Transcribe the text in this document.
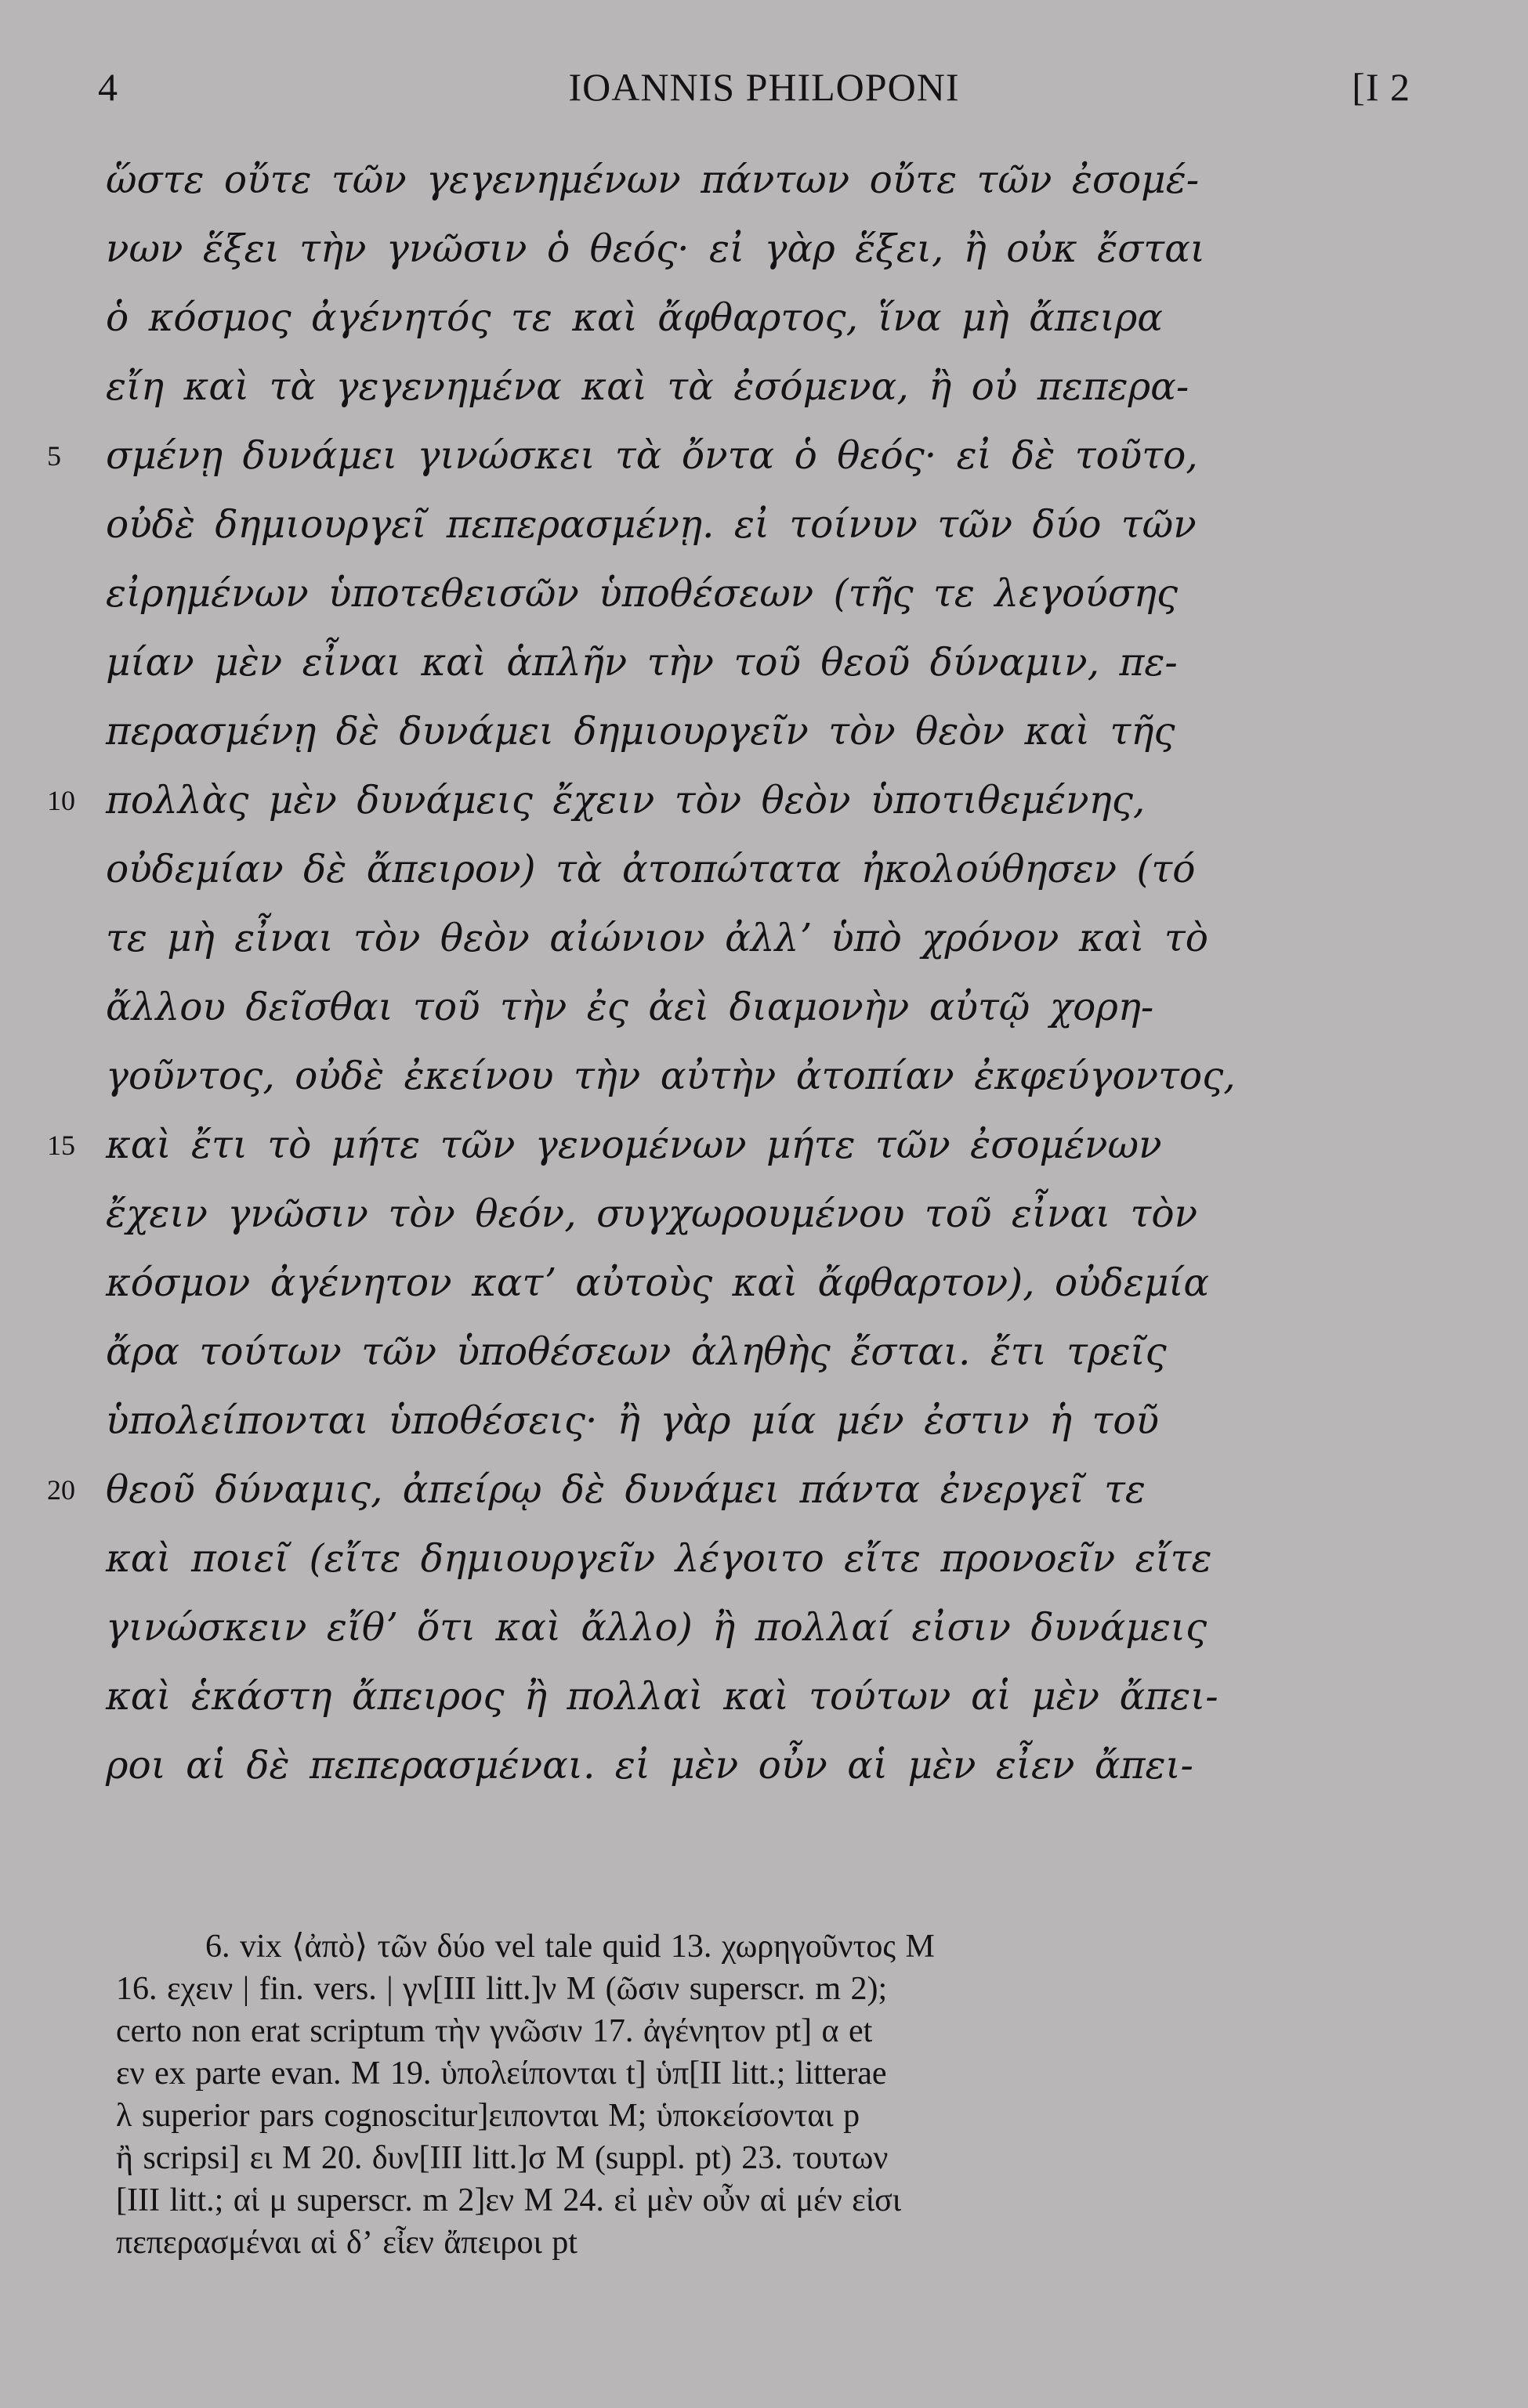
4	IOANNIS PHILOPONI	[I 2
ὥστε οὔτε τῶν γεγενημένων πάντων οὔτε τῶν ἐσομέ-
νων ἕξει τὴν γνῶσιν ὁ θεός· εἰ γὰρ ἕξει, ἢ οὐκ ἔσται
ὁ κόσμος ἀγένητός τε καὶ ἄφθαρτος, ἵνα μὴ ἄπειρα
εἴη καὶ τὰ γεγενημένα καὶ τὰ ἐσόμενα, ἢ οὐ πεπερα-
5	σμένῃ δυνάμει γινώσκει τὰ ὄντα ὁ θεός· εἰ δὲ τοῦτο,
οὐδὲ δημιουργεῖ πεπερασμένῃ. εἰ τοίνυν τῶν δύο τῶν
εἰρημένων ὑποτεθεισῶν ὑποθέσεων (τῆς τε λεγούσης
μίαν μὲν εἶναι καὶ ἁπλῆν τὴν τοῦ θεοῦ δύναμιν, πε-
περασμένῃ δὲ δυνάμει δημιουργεῖν τὸν θεὸν καὶ τῆς
10 πολλὰς μὲν δυνάμεις ἔχειν τὸν θεὸν ὑποτιθεμένης,
οὐδεμίαν δὲ ἄπειρον) τὰ ἀτοπώτατα ἠκολούθησεν (τό
τε μὴ εἶναι τὸν θεὸν αἰώνιον ἀλλʼ ὑπὸ χρόνον καὶ τὸ
ἄλλου δεῖσθαι τοῦ τὴν ἐς ἀεὶ διαμονὴν αὐτῷ χορη-
γοῦντος, οὐδὲ ἐκείνου τὴν αὐτὴν ἀτοπίαν ἐκφεύγοντος,
15 καὶ ἔτι τὸ μήτε τῶν γενομένων μήτε τῶν ἐσομένων
ἔχειν γνῶσιν τὸν θεόν, συγχωρουμένου τοῦ εἶναι τὸν
κόσμον ἀγένητον κατʼ αὐτοὺς καὶ ἄφθαρτον), οὐδεμία
ἄρα τούτων τῶν ὑποθέσεων ἀληθὴς ἔσται. ἔτι τρεῖς
ὑπολείπονται ὑποθέσεις· ἢ γὰρ μία μέν ἐστιν ἡ τοῦ
20 θεοῦ δύναμις, ἀπείρῳ δὲ δυνάμει πάντα ἐνεργεῖ τε
καὶ ποιεῖ (εἴτε δημιουργεῖν λέγοιτο εἴτε προνοεῖν εἴτε
γινώσκειν εἴθʼ ὅτι καὶ ἄλλο) ἢ πολλαί εἰσιν δυνάμεις
καὶ ἑκάστη ἄπειρος ἢ πολλαὶ καὶ τούτων αἱ μὲν ἄπει-
ροι αἱ δὲ πεπερασμέναι. εἰ μὲν οὖν αἱ μὲν εἶεν ἄπει-
6. vix ⟨ἀπὸ⟩ τῶν δύο vel tale quid 13. χωρηγοῦντος M
16. εχειν | fin. vers. | γν[III litt.]ν M (ῶσιν superscr. m 2);
certo non erat scriptum τὴν γνῶσιν 17. ἀγένητον pt] α et
εν ex parte evan. M 19. ὑπολείπονται t] ὑπ[II litt.; litterae
λ superior pars cognoscitur]ειπονται M; ὑποκείσονται p
ἢ scripsi] ει M 20. δυν[III litt.]σ M (suppl. pt) 23. τουτων
[III litt.; αἱ μ superscr. m 2]εν M 24. εἰ μὲν οὖν αἱ μέν εἰσι
πεπερασμέναι αἱ δʼ εἶεν ἄπειροι pt
